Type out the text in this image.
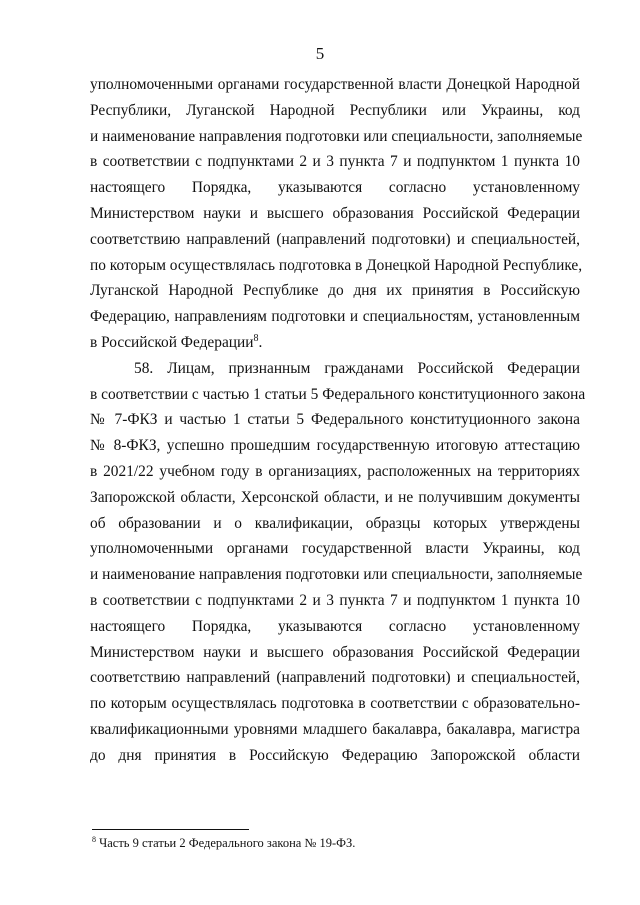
5
уполномоченными органами государственной власти Донецкой Народной
Республики, Луганской Народной Республики или Украины, код
и наименование направления подготовки или специальности, заполняемые
в соответствии с подпунктами 2 и 3 пункта 7 и подпунктом 1 пункта 10
настоящего Порядка, указываются согласно установленному
Министерством науки и высшего образования Российской Федерации
соответствию направлений (направлений подготовки) и специальностей,
по которым осуществлялась подготовка в Донецкой Народной Республике,
Луганской Народной Республике до дня их принятия в Российскую
Федерацию, направлениям подготовки и специальностям, установленным
в Российской Федерации$^8$.
58. Лицам, признанным гражданами Российской Федерации
в соответствии с частью 1 статьи 5 Федерального конституционного закона
№ 7-ФКЗ и частью 1 статьи 5 Федерального конституционного закона
№ 8-ФКЗ, успешно прошедшим государственную итоговую аттестацию
в 2021/22 учебном году в организациях, расположенных на территориях
Запорожской области, Херсонской области, и не получившим документы
об образовании и о квалификации, образцы которых утверждены
уполномоченными органами государственной власти Украины, код
и наименование направления подготовки или специальности, заполняемые
в соответствии с подпунктами 2 и 3 пункта 7 и подпунктом 1 пункта 10
настоящего Порядка, указываются согласно установленному
Министерством науки и высшего образования Российской Федерации
соответствию направлений (направлений подготовки) и специальностей,
по которым осуществлялась подготовка в соответствии с образовательно-
квалификационными уровнями младшего бакалавра, бакалавра, магистра
до дня принятия в Российскую Федерацию Запорожской области
$^8$ Часть 9 статьи 2 Федерального закона № 19-ФЗ.
